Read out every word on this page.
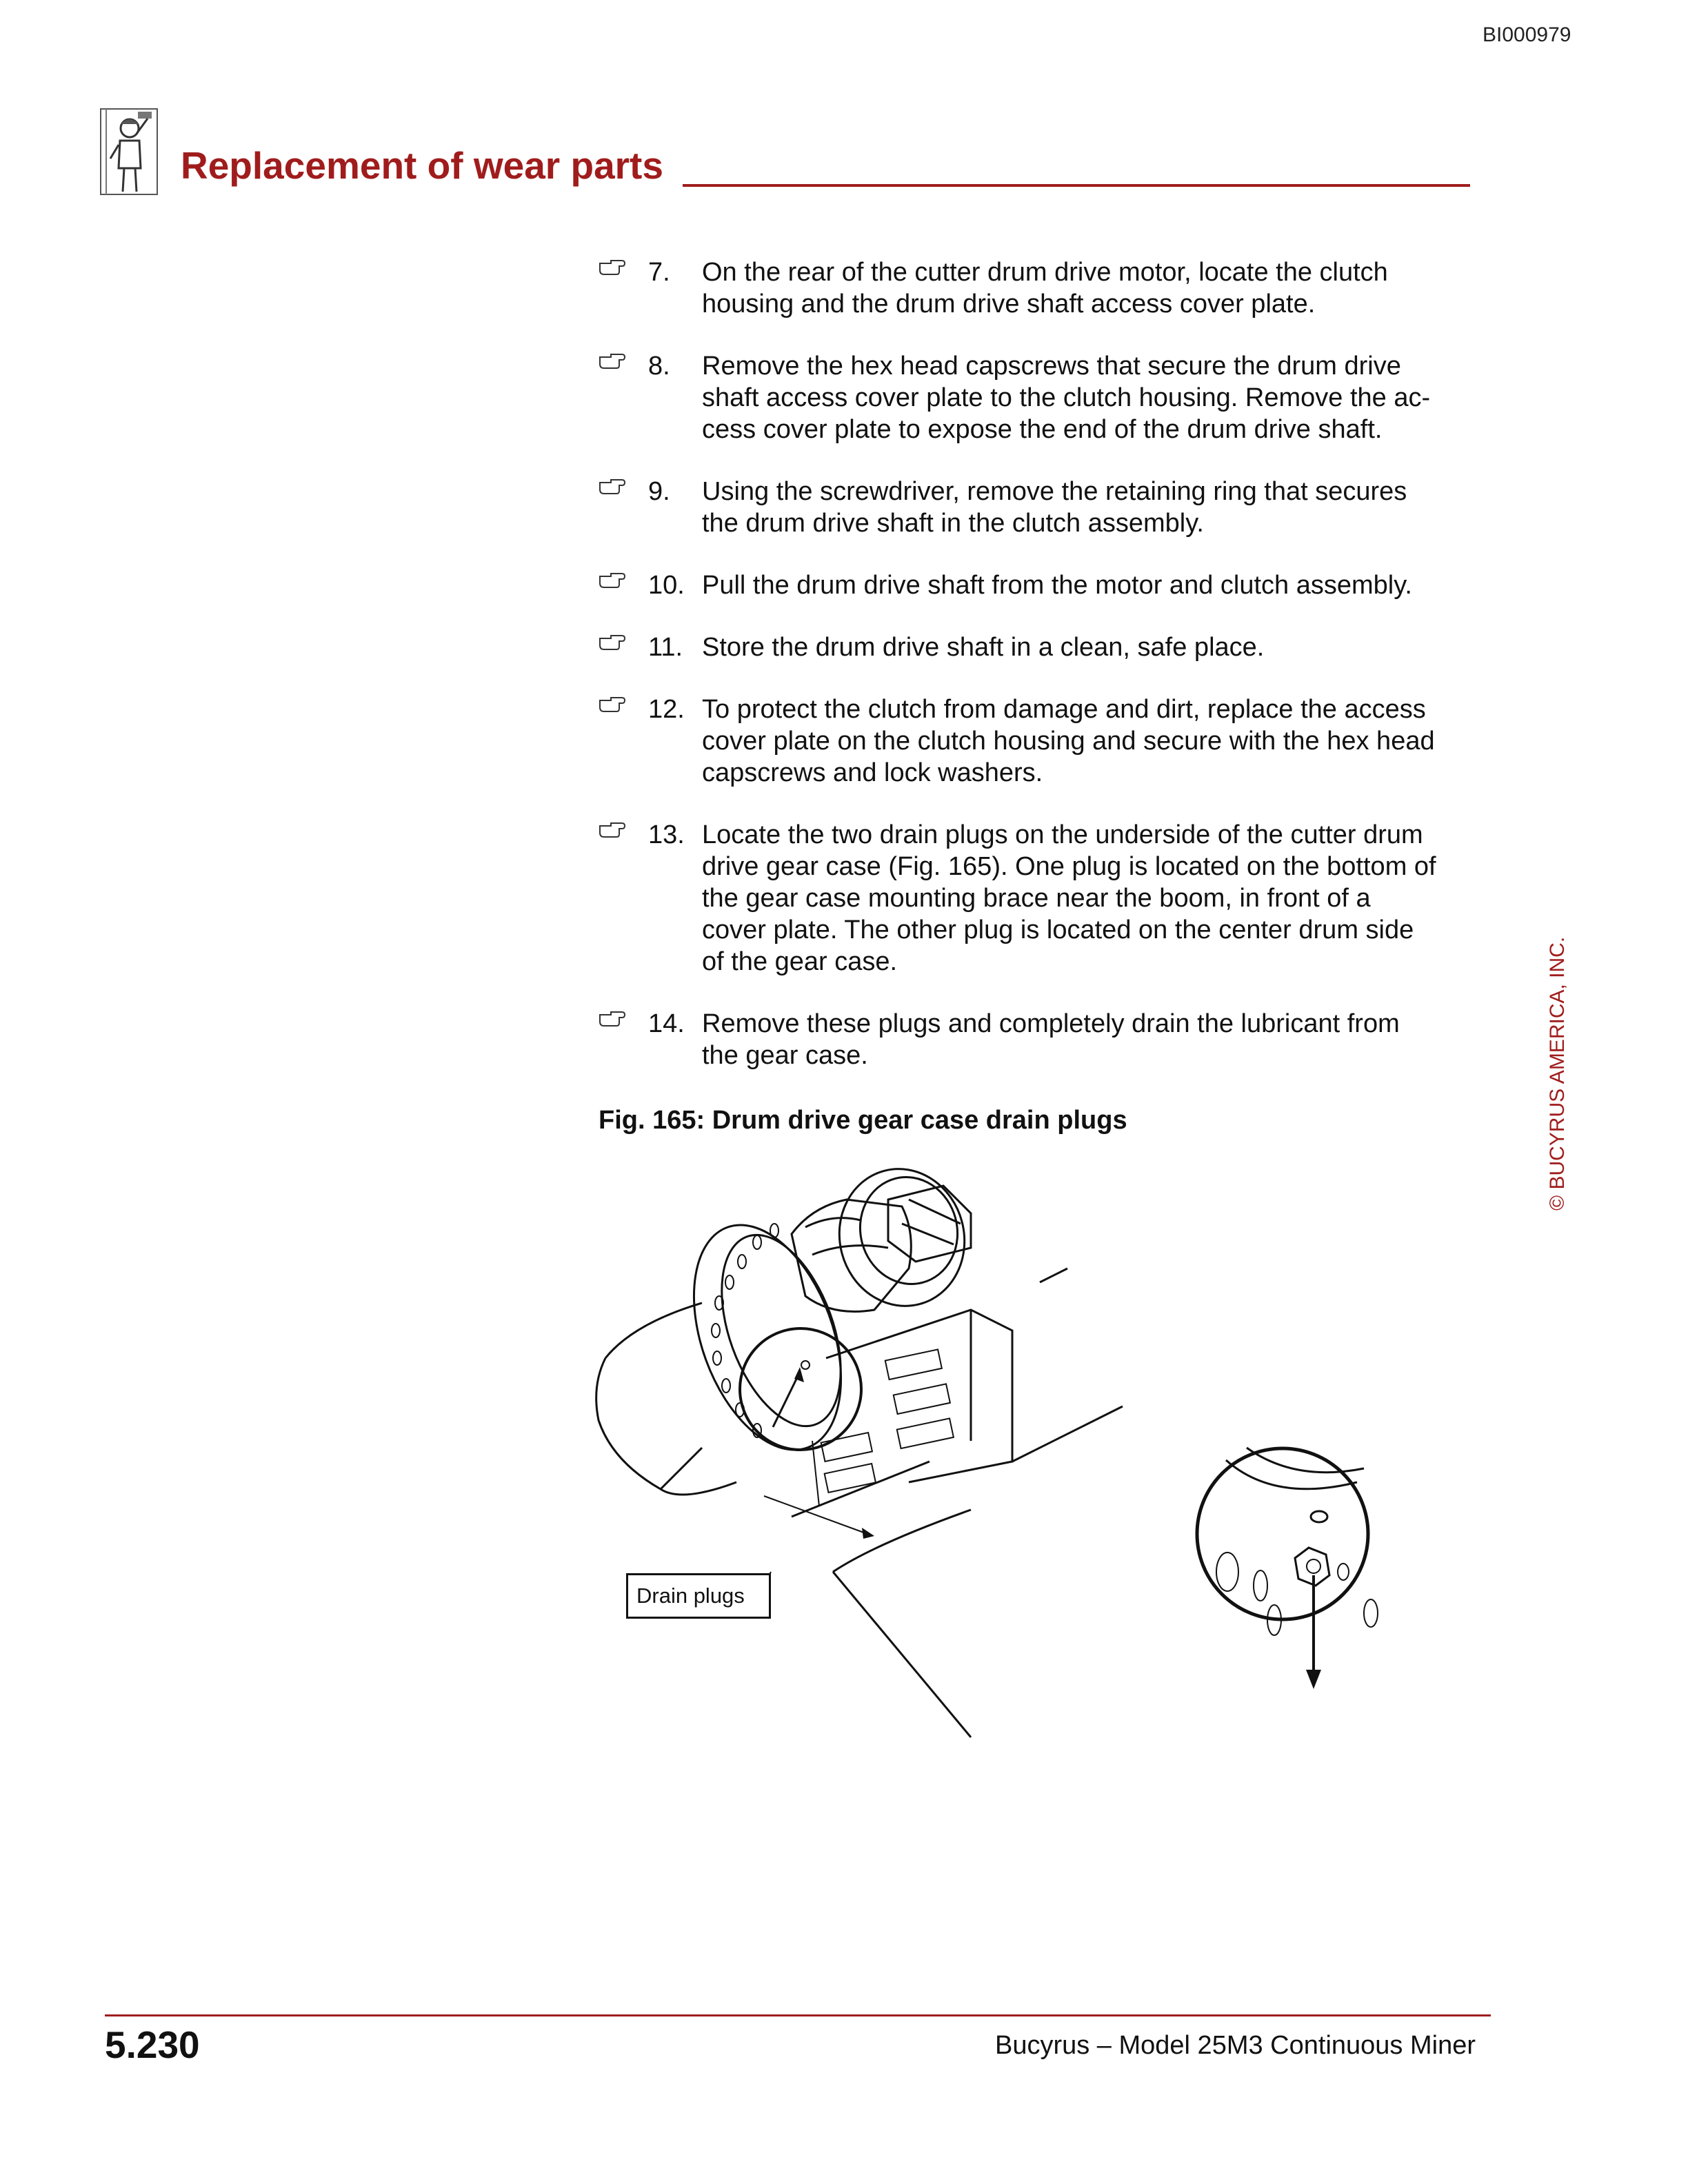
BI000979
Replacement of wear parts
7. On the rear of the cutter drum drive motor, locate the clutch
housing and the drum drive shaft access cover plate.
8. Remove the hex head capscrews that secure the drum drive
shaft access cover plate to the clutch housing. Remove the ac-
cess cover plate to expose the end of the drum drive shaft.
9. Using the screwdriver, remove the retaining ring that secures
the drum drive shaft in the clutch assembly.
10. Pull the drum drive shaft from the motor and clutch assembly.
11. Store the drum drive shaft in a clean, safe place.
12. To protect the clutch from damage and dirt, replace the access
cover plate on the clutch housing and secure with the hex head
capscrews and lock washers.
13. Locate the two drain plugs on the underside of the cutter drum
drive gear case (Fig. 165). One plug is located on the bottom of
the gear case mounting brace near the boom, in front of a
cover plate. The other plug is located on the center drum side
of the gear case.
14. Remove these plugs and completely drain the lubricant from
the gear case.
Fig. 165: Drum drive gear case drain plugs
Drain plugs
© BUCYRUS AMERICA, INC.
5.230	Bucyrus – Model 25M3 Continuous Miner
